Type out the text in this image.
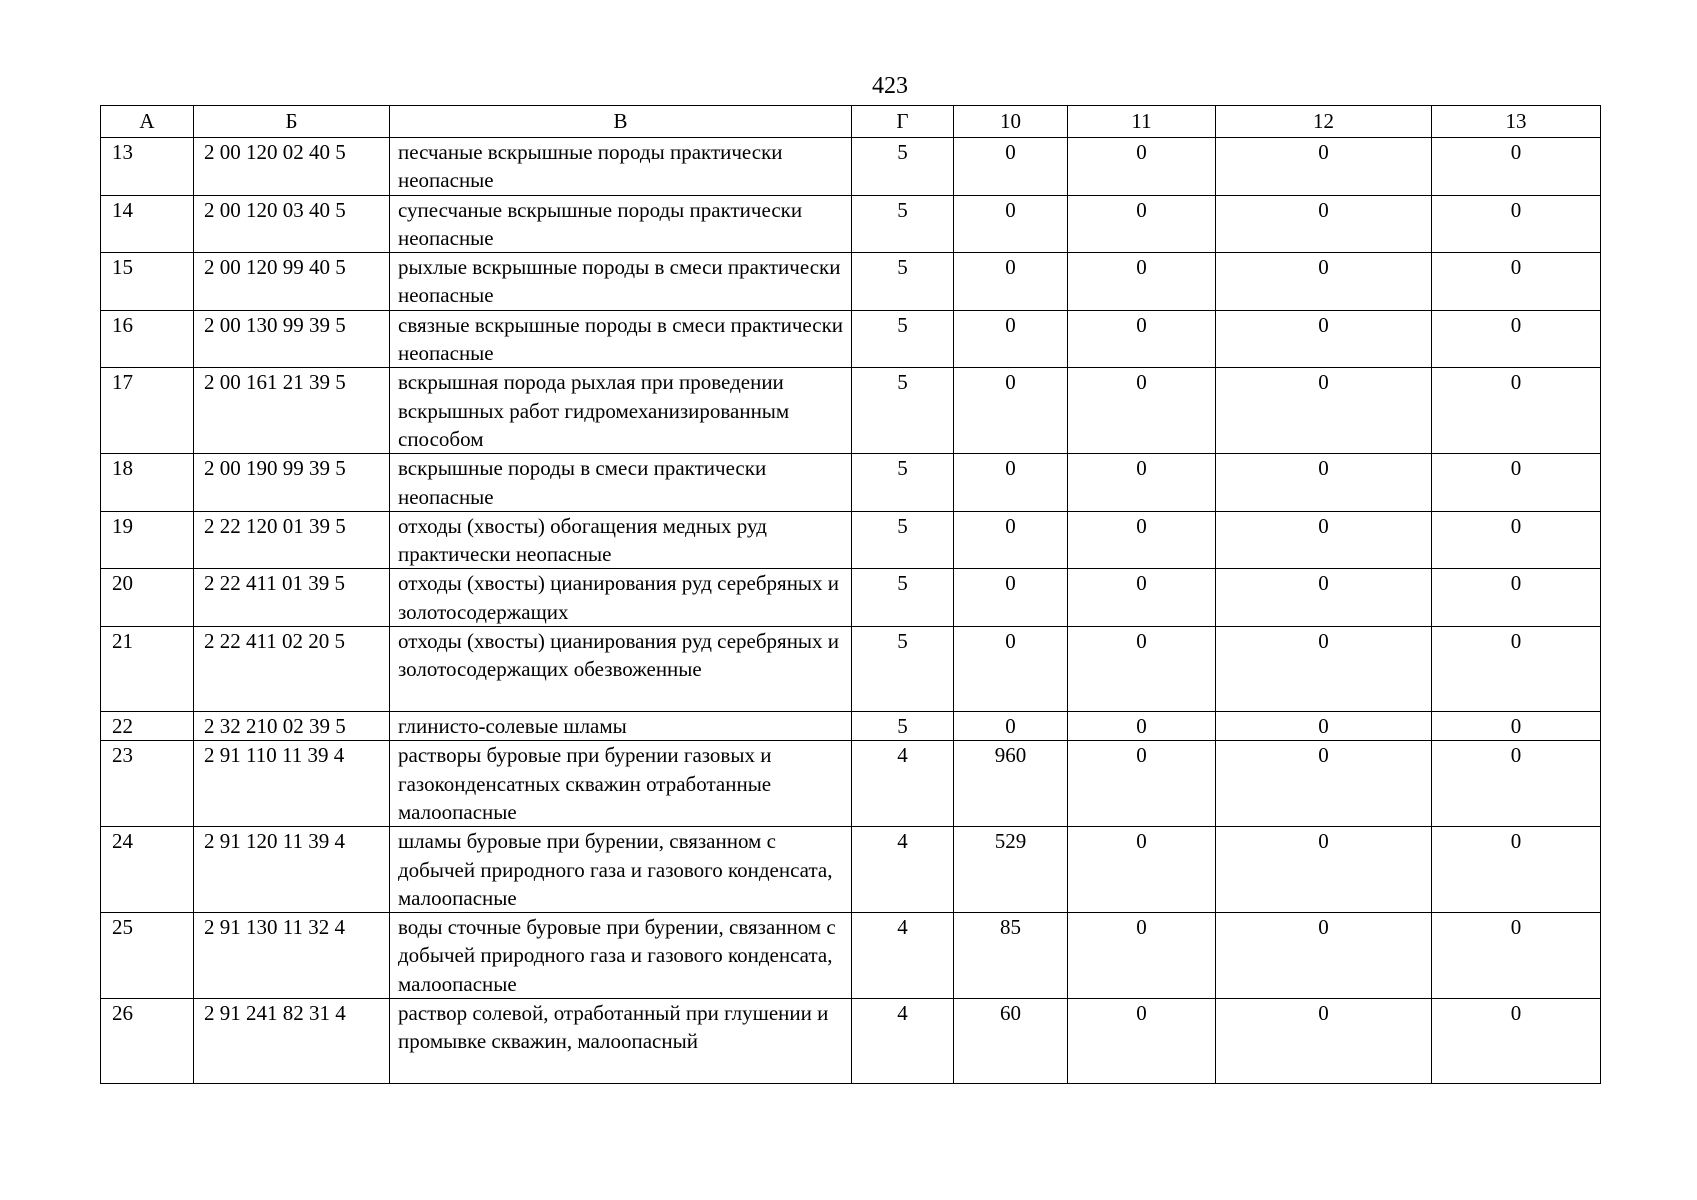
423
А	Б	В	Г	10	11	12	13
13	2 00 120 02 40 5	песчаные вскрышные породы практически неопасные	5	0	0	0	0
14	2 00 120 03 40 5	супесчаные вскрышные породы практически неопасные	5	0	0	0	0
15	2 00 120 99 40 5	рыхлые вскрышные породы в смеси практически неопасные	5	0	0	0	0
16	2 00 130 99 39 5	связные вскрышные породы в смеси практически неопасные	5	0	0	0	0
17	2 00 161 21 39 5	вскрышная порода рыхлая при проведении вскрышных работ гидромеханизированным способом	5	0	0	0	0
18	2 00 190 99 39 5	вскрышные породы в смеси практически неопасные	5	0	0	0	0
19	2 22 120 01 39 5	отходы (хвосты) обогащения медных руд практически неопасные	5	0	0	0	0
20	2 22 411 01 39 5	отходы (хвосты) цианирования руд серебряных и золотосодержащих	5	0	0	0	0
21	2 22 411 02 20 5	отходы (хвосты) цианирования руд серебряных и золотосодержащих обезвоженные	5	0	0	0	0
22	2 32 210 02 39 5	глинисто-солевые шламы	5	0	0	0	0
23	2 91 110 11 39 4	растворы буровые при бурении газовых и газоконденсатных скважин отработанные малоопасные	4	960	0	0	0
24	2 91 120 11 39 4	шламы буровые при бурении, связанном с добычей природного газа и газового конденсата, малоопасные	4	529	0	0	0
25	2 91 130 11 32 4	воды сточные буровые при бурении, связанном с добычей природного газа и газового конденсата, малоопасные	4	85	0	0	0
26	2 91 241 82 31 4	раствор солевой, отработанный при глушении и промывке скважин, малоопасный	4	60	0	0	0
